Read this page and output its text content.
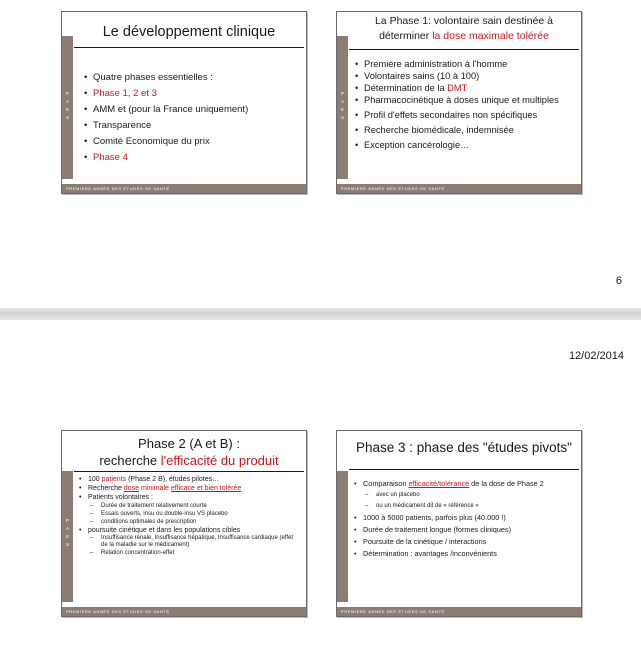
P
A
E
S
Le développement clinique
• Quatre phases essentielles :
• Phase 1, 2 et 3
• AMM et (pour la France uniquement)
• Transparence
• Comité Economique du prix
• Phase 4
PREMIÈRE ANNÉE DES ÉTUDES DE SANTÉ
P
A
E
S
La Phase 1: volontaire sain destinée à
déterminer la dose maximale tolérée
• Première administration à l'homme
• Volontaires sains (10 à 100)
• Détermination de la DMT
• Pharmacocinétique à doses unique et multiples
• Profil d'effets secondaires non spécifiques
• Recherche biomédicale, indemnisée
• Exception cancérologie…
PREMIÈRE ANNÉE DES ÉTUDES DE SANTÉ
6
12/02/2014
P
A
E
S
Phase 2 (A et B) :
recherche l'efficacité du produit
• 100 patients (Phase 2 B), études pilotes…
• Recherche dose minimale efficace et bien tolérée
• Patients volontaires :
– Durée de traitement relativement courte
– Essais ouverts, insu ou double-insu VS placebo
– conditions optimales de prescription
• poursuite cinétique et dans les populations cibles
– Insuffisance rénale, Insuffisance hépatique, Insuffisance cardiaque (effet de la maladie sur le médicament)
– Relation concentration-effet
PREMIÈRE ANNÉE DES ÉTUDES DE SANTÉ
Phase 3 : phase des "études pivots"
• Comparaison efficacité/tolérance de la dose de Phase 2
– avec un placebo
– ou un médicament dit de « référence »
• 1000 à 5000 patients, parfois plus (40.000 !)
• Durée de traitement longue (formes cliniques)
• Poursuite de la cinétique / interactions
• Détermination : avantages /inconvénients
PREMIÈRE ANNÉE DES ÉTUDES DE SANTÉ
